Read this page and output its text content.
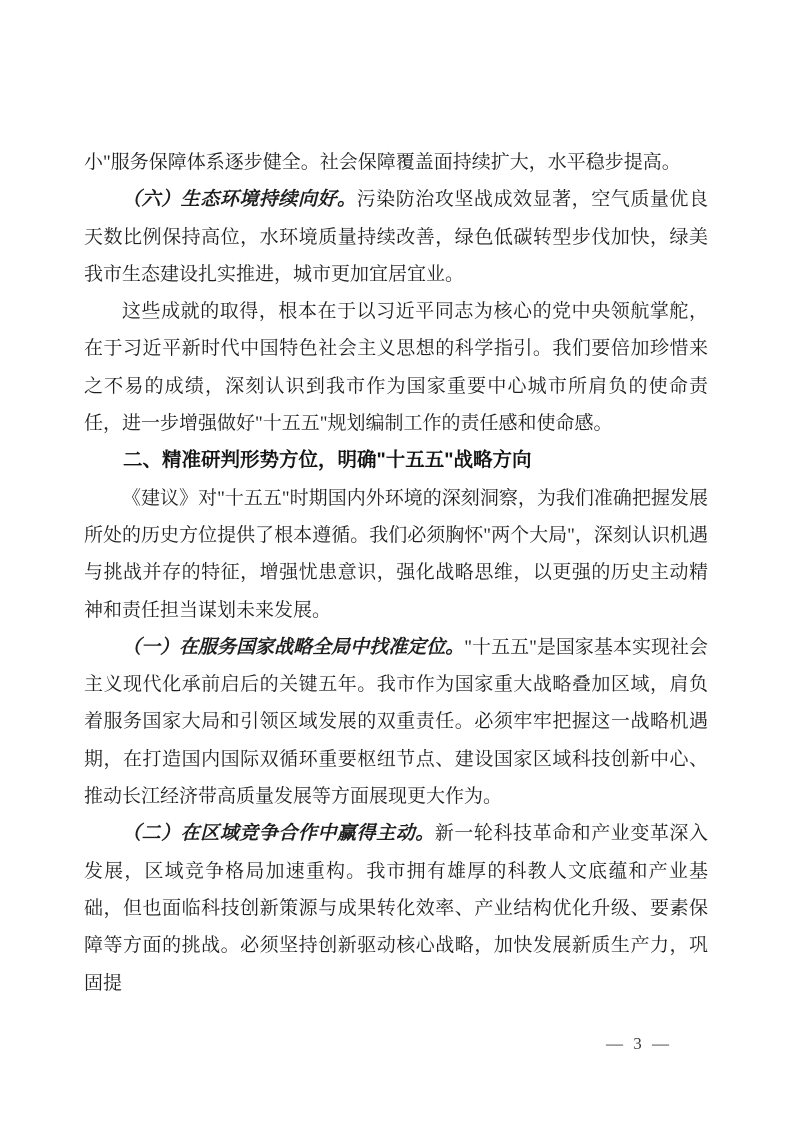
小"服务保障体系逐步健全。社会保障覆盖面持续扩大，水平稳步提高。

（六）生态环境持续向好。污染防治攻坚战成效显著，空气质量优良天数比例保持高位，水环境质量持续改善，绿色低碳转型步伐加快，绿美我市生态建设扎实推进，城市更加宜居宜业。

这些成就的取得，根本在于以习近平同志为核心的党中央领航掌舵，在于习近平新时代中国特色社会主义思想的科学指引。我们要倍加珍惜来之不易的成绩，深刻认识到我市作为国家重要中心城市所肩负的使命责任，进一步增强做好"十五五"规划编制工作的责任感和使命感。

二、精准研判形势方位，明确"十五五"战略方向

《建议》对"十五五"时期国内外环境的深刻洞察，为我们准确把握发展所处的历史方位提供了根本遵循。我们必须胸怀"两个大局"，深刻认识机遇与挑战并存的特征，增强忧患意识，强化战略思维，以更强的历史主动精神和责任担当谋划未来发展。

（一）在服务国家战略全局中找准定位。"十五五"是国家基本实现社会主义现代化承前启后的关键五年。我市作为国家重大战略叠加区域，肩负着服务国家大局和引领区域发展的双重责任。必须牢牢把握这一战略机遇期，在打造国内国际双循环重要枢纽节点、建设国家区域科技创新中心、推动长江经济带高质量发展等方面展现更大作为。

（二）在区域竞争合作中赢得主动。新一轮科技革命和产业变革深入发展，区域竞争格局加速重构。我市拥有雄厚的科教人文底蕴和产业基础，但也面临科技创新策源与成果转化效率、产业结构优化升级、要素保障等方面的挑战。必须坚持创新驱动核心战略，加快发展新质生产力，巩固提

— 3 —
